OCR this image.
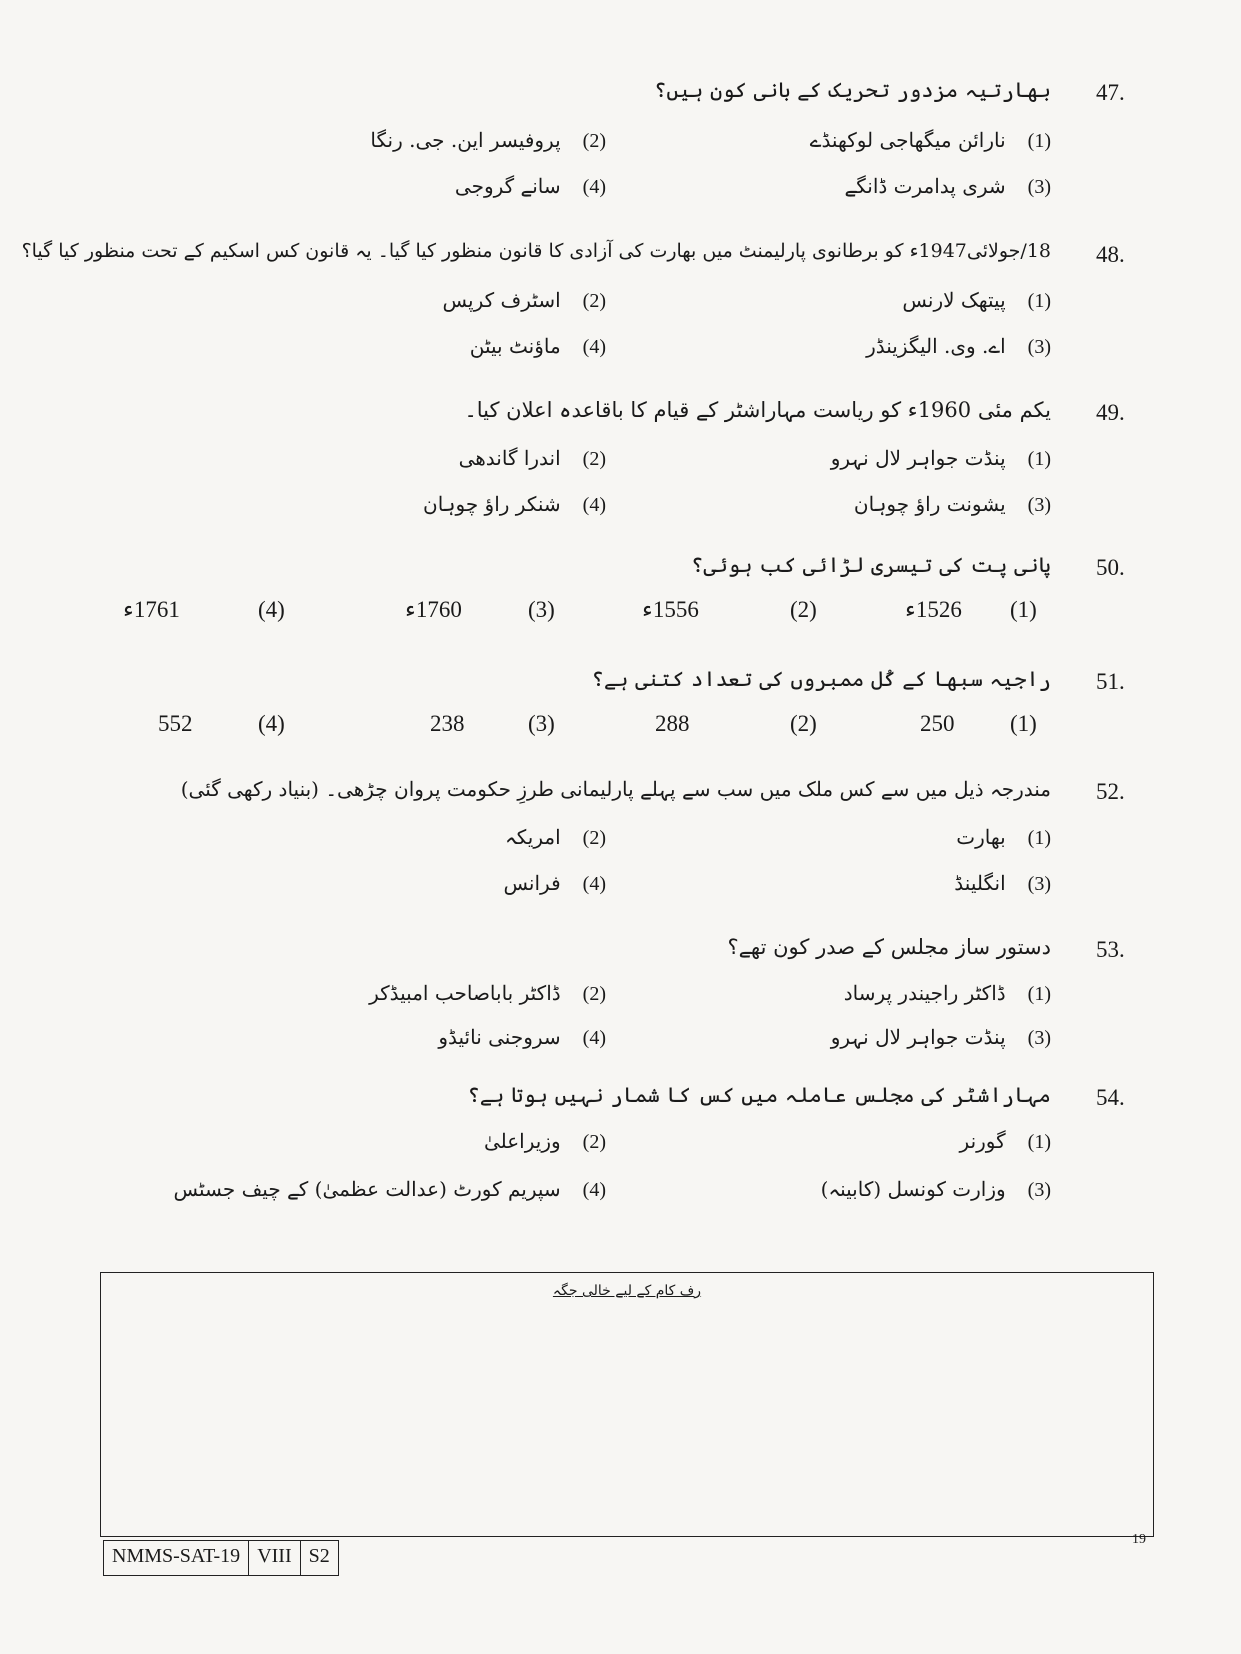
47.
بھارتیہ مزدور تحریک کے بانی کون ہیں؟
(1)نارائن میگھاجی لوکھنڈے
(2)پروفیسر این. جی. رنگا
(3)شری پدامرت ڈانگے
(4)سانے گروجی
48.
18/جولائی1947ء کو برطانوی پارلیمنٹ میں بھارت کی آزادی کا قانون منظور کیا گیا۔ یہ قانون کس اسکیم کے تحت منظور کیا گیا؟
(1)پیتھک لارنس
(2)اسٹرف کرپس
(3)اے. وی. الیگزینڈر
(4)ماؤنٹ بیٹن
49.
یکم مئی 1960ء کو ریاست مہاراشٹر کے قیام کا باقاعدہ اعلان کیا۔
(1)پنڈت جواہر لال نہرو
(2)اندرا گاندھی
(3)یشونت راؤ چوہان
(4)شنکر راؤ چوہان
50.
پانی پت کی تیسری لڑائی کب ہوئی؟
(1)
1526ء
(2)
1556ء
(3)
1760ء
(4)
1761ء
51.
راجیہ سبھا کے کُل ممبروں کی تعداد کتنی ہے؟
(1)
250
(2)
288
(3)
238
(4)
552
52.
مندرجہ ذیل میں سے کس ملک میں سب سے پہلے پارلیمانی طرزِ حکومت پروان چڑھی۔ (بنیاد رکھی گئی)
(1)بھارت
(2)امریکہ
(3)انگلینڈ
(4)فرانس
53.
دستور ساز مجلس کے صدر کون تھے؟
(1)ڈاکٹر راجیندر پرساد
(2)ڈاکٹر باباصاحب امبیڈکر
(3)پنڈت جواہر لال نہرو
(4)سروجنی نائیڈو
54.
مہاراشٹر کی مجلس عاملہ میں کس کا شمار نہیں ہوتا ہے؟
(1)گورنر
(2)وزیراعلیٰ
(3)وزارت کونسل (کابینہ)
(4)سپریم کورٹ (عدالت عظمیٰ) کے چیف جسٹس
رف کام کے لیے خالی جگہ
NMMS-SAT-19 VIII S2
19
